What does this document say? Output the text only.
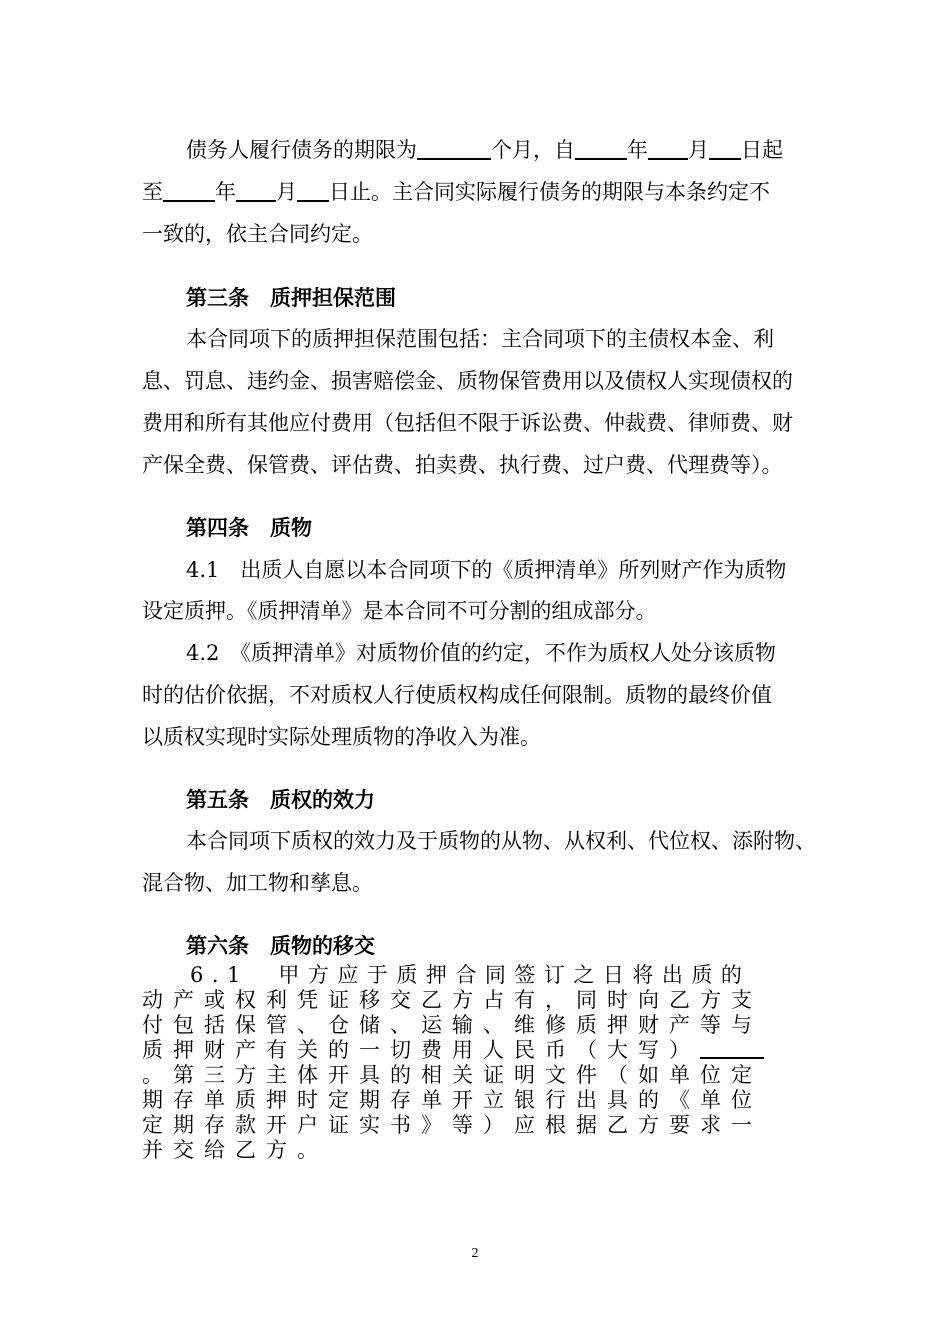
债务人履行债务的期限为	个月，自 年 月 日起
至 年 月 日止。主合同实际履行债务的期限与本条约定不
一致的，依主合同约定。
第三条　质押担保范围
本合同项下的质押担保范围包括：主合同项下的主债权本金、利
息、罚息、违约金、损害赔偿金、质物保管费用以及债权人实现债权的
费用和所有其他应付费用（包括但不限于诉讼费、仲裁费、律师费、财
产保全费、保管费、评估费、拍卖费、执行费、过户费、代理费等）。
第四条　质物
4.1　出质人自愿以本合同项下的《质押清单》所列财产作为质物
设定质押。《质押清单》是本合同不可分割的组成部分。
4.2　《质押清单》对质物价值的约定，不作为质权人处分该质物
时的估价依据，不对质权人行使质权构成任何限制。质物的最终价值
以质权实现时实际处理质物的净收入为准。
第五条　质权的效力
本合同项下质权的效力及于质物的从物、从权利、代位权、添附物、
混合物、加工物和孳息。
第六条　质物的移交
6.1　甲方应于质押合同签订之日将出质的
动产或权利凭证移交乙方占有，同时向乙方支
付包括保管、仓储、运输、维修质押财产等与
质押财产有关的一切费用人民币（大写）
。第三方主体开具的相关证明文件（如单位定
期存单质押时定期存单开立银行出具的《单位
定期存款开户证实书》等）应根据乙方要求一
并交给乙方。
2
